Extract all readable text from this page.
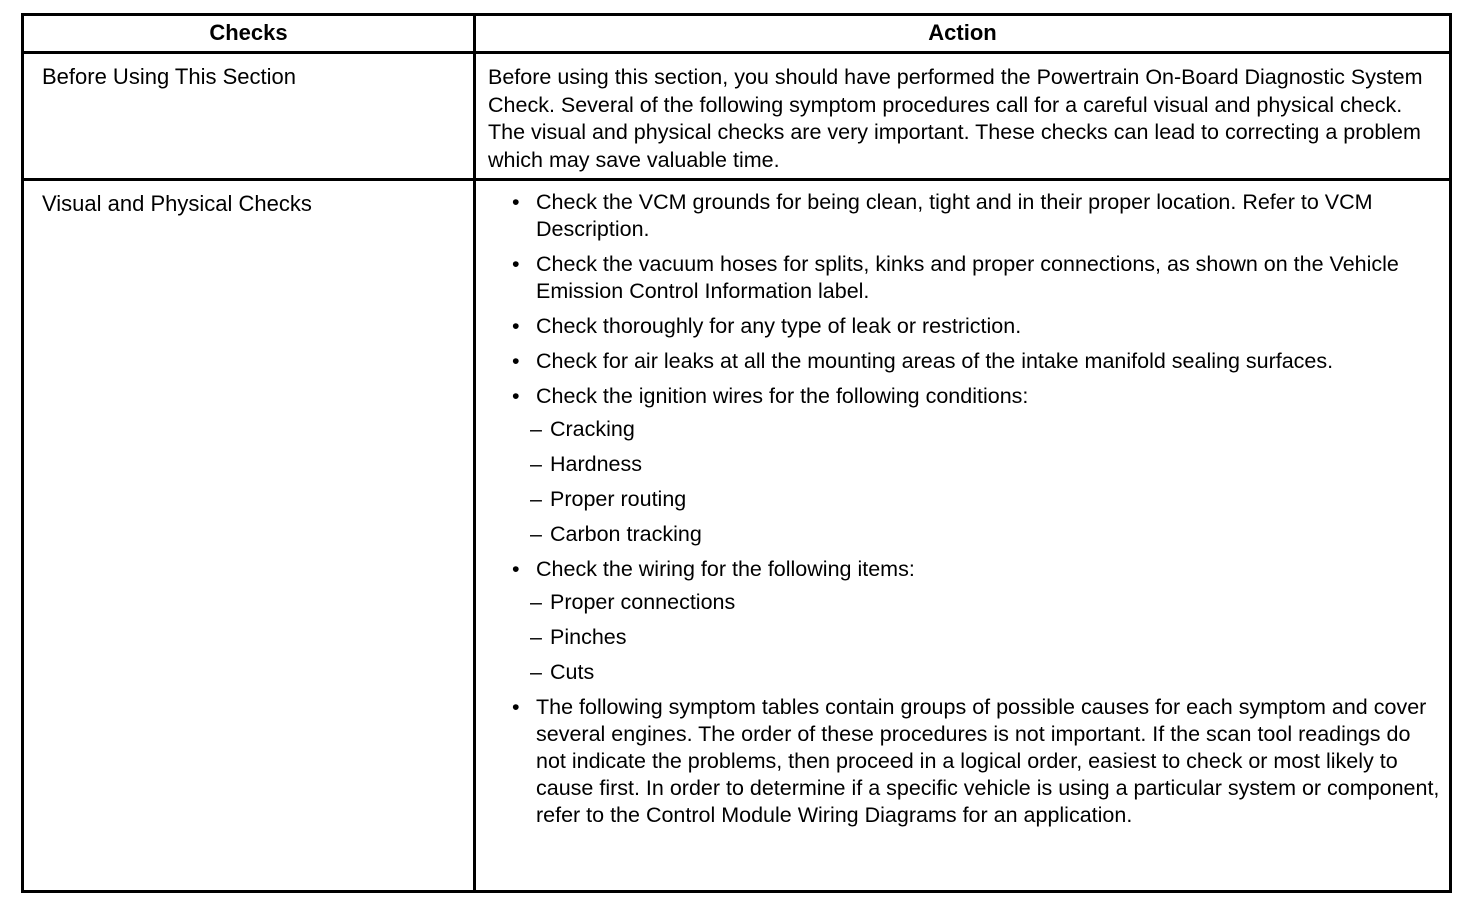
Checks	Action
Before Using This Section	Before using this section, you should have performed the Powertrain On-Board Diagnostic System Check. Several of the following symptom procedures call for a careful visual and physical check. The visual and physical checks are very important. These checks can lead to correcting a problem which may save valuable time.

Visual and Physical Checks	• Check the VCM grounds for being clean, tight and in their proper location. Refer to VCM Description.
• Check the vacuum hoses for splits, kinks and proper connections, as shown on the Vehicle Emission Control Information label.
• Check thoroughly for any type of leak or restriction.
• Check for air leaks at all the mounting areas of the intake manifold sealing surfaces.
• Check the ignition wires for the following conditions:
– Cracking
– Hardness
– Proper routing
– Carbon tracking
• Check the wiring for the following items:
– Proper connections
– Pinches
– Cuts
• The following symptom tables contain groups of possible causes for each symptom and cover several engines. The order of these procedures is not important. If the scan tool readings do not indicate the problems, then proceed in a logical order, easiest to check or most likely to cause first. In order to determine if a specific vehicle is using a particular system or component, refer to the Control Module Wiring Diagrams for an application.
